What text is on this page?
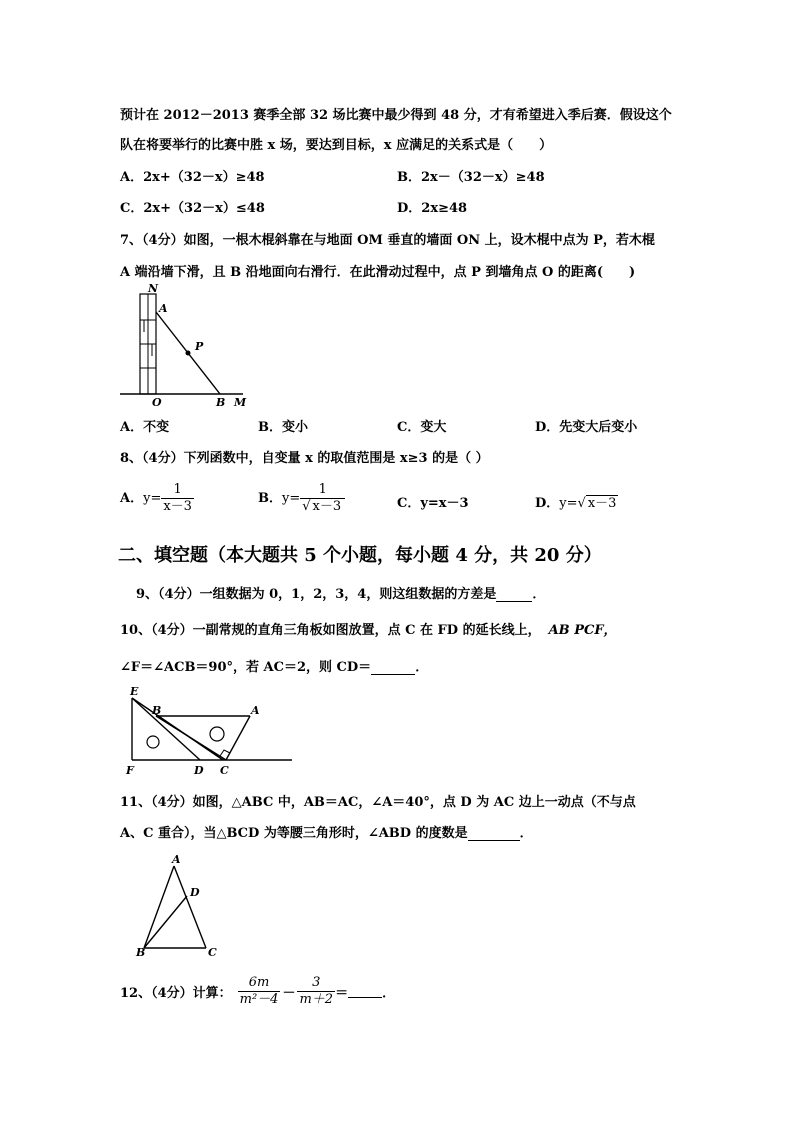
预计在 2012－2013 赛季全部 32 场比赛中最少得到 48 分，才有希望进入季后赛．假设这个
队在将要举行的比赛中胜 x 场，要达到目标，x 应满足的关系式是（　　）
A．2x+（32－x）≥48	B．2x－（32－x）≥48
C．2x+（32－x）≤48	D．2x≥48
7、（4分）如图，一根木棍斜靠在与地面 OM 垂直的墙面 ON 上，设木棍中点为 P，若木棍
A 端沿墙下滑，且 B 沿地面向右滑行．在此滑动过程中，点 P 到墙角点 O 的距离(　　)
N
A
P
O	B M
A．不变	B．变小	C．变大	D．先变大后变小
8、（4分）下列函数中，自变量 x 的取值范围是 x≥3 的是（ ）
A．$y= \frac{1}{x-3}$	B．$y= \frac{1}{√ x-3}$	C．y=x－3	D．y=√ x－3
二、填空题（本大题共 5 个小题，每小题 4 分，共 20 分）
9、（4分）一组数据为 0，1，2，3，4，则这组数据的方差是	．
10、（4分）一副常规的直角三角板如图放置，点 C 在 FD 的延长线上， AB PCF，
∠F＝∠ACB＝90°，若 AC＝2，则 CD＝	．
E
B	A
F	D C
11、（4分）如图，△ABC 中，AB＝AC，∠A＝40°，点 D 为 AC 边上一动点（不与点
A、C 重合），当△BCD 为等腰三角形时，∠ABD 的度数是	．
A
D
B	C
12、（4分）计算： $\frac{6m}{\text{m²－4}} - \frac{3}{m+2}$ ＝	．
